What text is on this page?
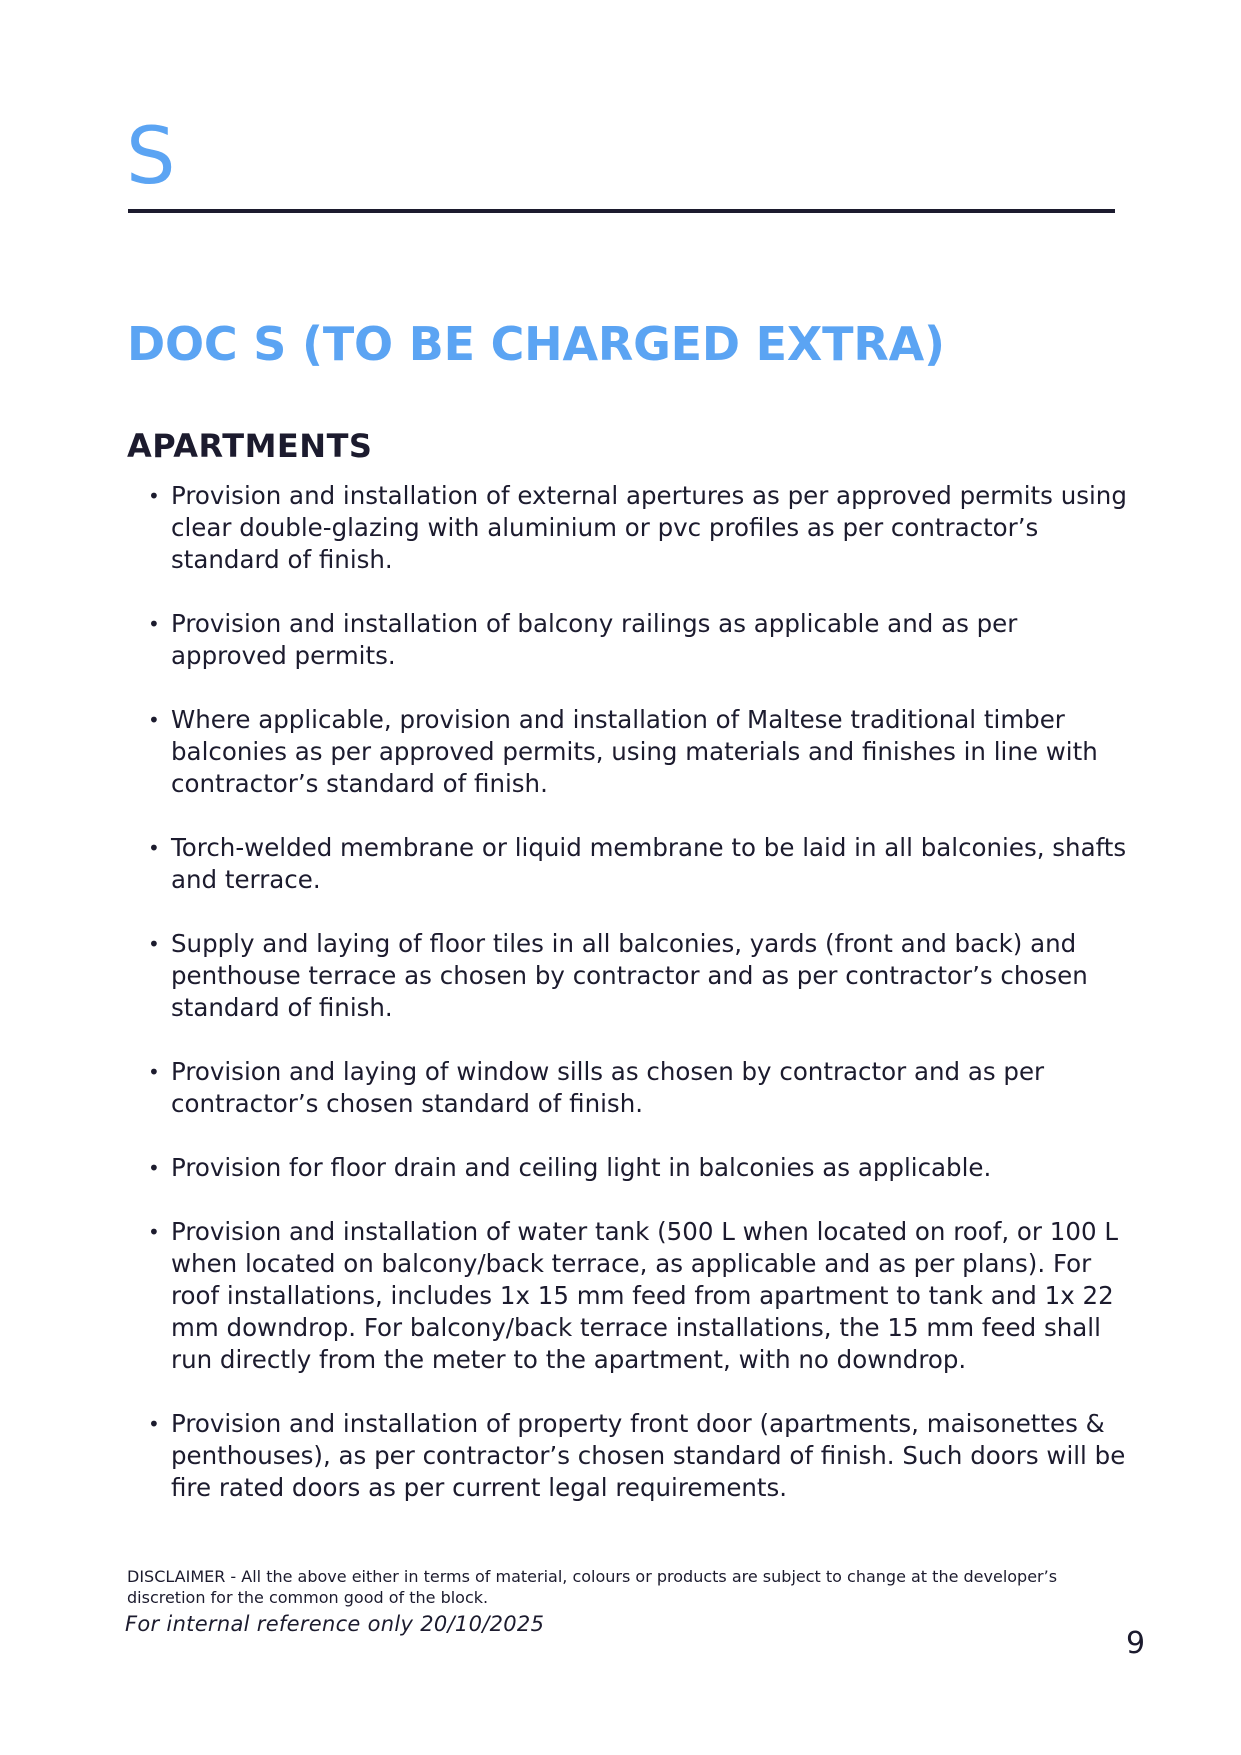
S
DOC S (TO BE CHARGED EXTRA)
APARTMENTS
• Provision and installation of external apertures as per approved permits using clear double-glazing with aluminium or pvc profiles as per contractor’s standard of finish.
• Provision and installation of balcony railings as applicable and as per approved permits.
• Where applicable, provision and installation of Maltese traditional timber balconies as per approved permits, using materials and finishes in line with contractor’s standard of finish.
• Torch-welded membrane or liquid membrane to be laid in all balconies, shafts and terrace.
• Supply and laying of floor tiles in all balconies, yards (front and back) and penthouse terrace as chosen by contractor and as per contractor’s chosen standard of finish.
• Provision and laying of window sills as chosen by contractor and as per contractor’s chosen standard of finish.
• Provision for floor drain and ceiling light in balconies as applicable.
• Provision and installation of water tank (500 L when located on roof, or 100 L when located on balcony/back terrace, as applicable and as per plans). For roof installations, includes 1x 15 mm feed from apartment to tank and 1x 22 mm downdrop. For balcony/back terrace installations, the 15 mm feed shall run directly from the meter to the apartment, with no downdrop.
• Provision and installation of property front door (apartments, maisonettes & penthouses), as per contractor’s chosen standard of finish. Such doors will be fire rated doors as per current legal requirements.
DISCLAIMER - All the above either in terms of material, colours or products are subject to change at the developer’s discretion for the common good of the block.
For internal reference only 20/10/2025
9
